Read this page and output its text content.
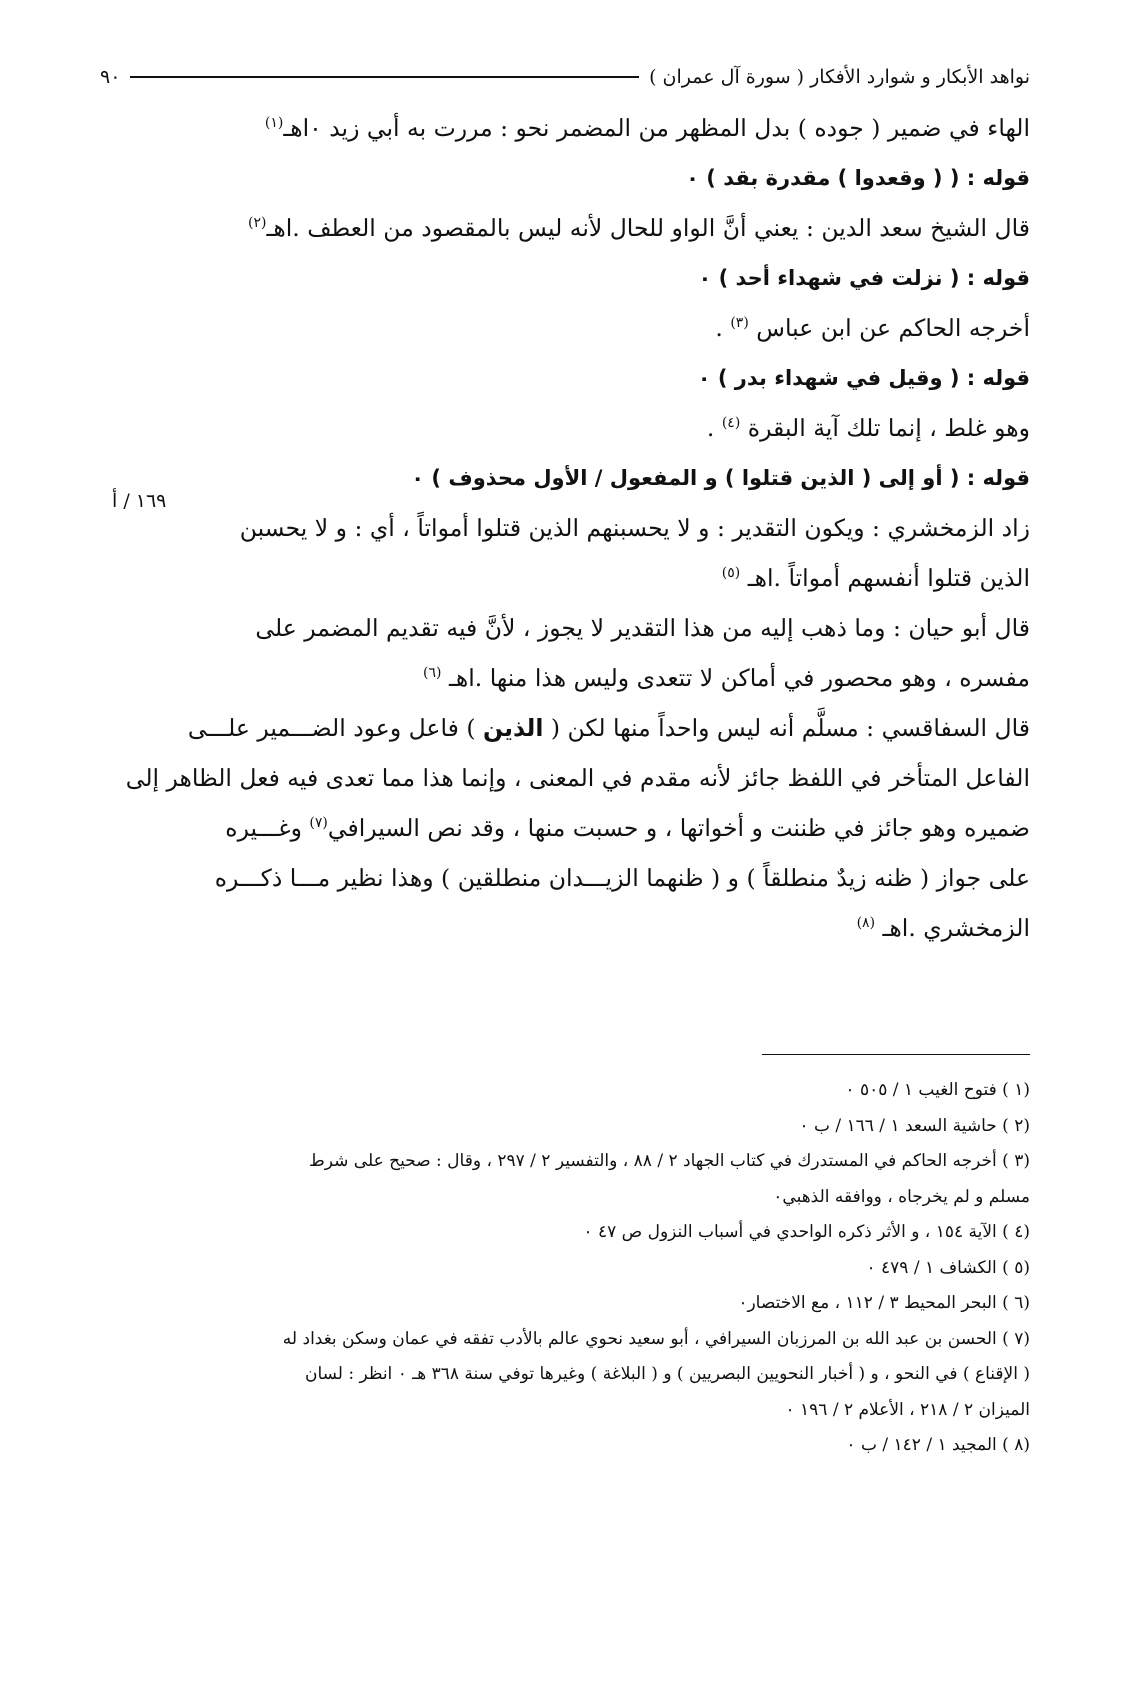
نواهد الأبكار و شوارد الأفكار ( سورة آل عمران )
٩٠
١٦٩ / أ
الهاء في ضمير ( جوده ) بدل المظهر من المضمر نحو : مررت به أبي زيد ٠اهـ$^{(١)}$
قوله : ( ( وقعدوا ) مقدرة بقد ) ٠
قال الشيخ سعد الدين : يعني أنَّ الواو للحال لأنه ليس بالمقصود من العطف .اهـ$^{(٢)}$
قوله : ( نزلت في شهداء أحد ) ٠
أخرجه الحاكم عن ابن عباس $^{(٣)}$ .
قوله : ( وقيل في شهداء بدر ) ٠
وهو غلط ، إنما تلك آية البقرة $^{(٤)}$ .
قوله : ( أو إلى ( الذين قتلوا ) و المفعول / الأول محذوف ) ٠
زاد الزمخشري : ويكون التقدير : و لا يحسبنهم الذين قتلوا أمواتاً ، أي : و لا يحسبن
الذين قتلوا أنفسهم أمواتاً .اهـ $^{(٥)}$
قال أبو حيان : وما ذهب إليه من هذا التقدير لا يجوز ، لأنَّ فيه تقديم المضمر على
مفسره ، وهو محصور في أماكن لا تتعدى وليس هذا منها .اهـ $^{(٦)}$
قال السفاقسي : مسلَّم أنه ليس واحداً منها لكن ( الذين ) فاعل وعود الضـــمير علـــى
الفاعل المتأخر في اللفظ جائز لأنه مقدم في المعنى ، وإنما هذا مما تعدى فيه فعل الظاهر إلى
ضميره وهو جائز في ظننت و أخواتها ، و حسبت منها ، وقد نص السيرافي$^{(٧)}$ وغـــيره
على جواز ( ظنه زيدٌ منطلقاً ) و ( ظنهما الزيـــدان منطلقين ) وهذا نظير مـــا ذكـــره
الزمخشري .اهـ $^{(٨)}$
(١ ) فتوح الغيب ١ / ٥٠٥ ٠
(٢ ) حاشية السعد ١ / ١٦٦ / ب ٠
(٣ ) أخرجه الحاكم في المستدرك في كتاب الجهاد ٢ / ٨٨ ، والتفسير ٢ / ٢٩٧ ، وقال : صحيح على شرط
مسلم و لم يخرجاه ، ووافقه الذهبي٠
(٤ ) الآية ١٥٤ ، و الأثر ذكره الواحدي في أسباب النزول ص ٤٧ ٠
(٥ ) الكشاف ١ / ٤٧٩ ٠
(٦ ) البحر المحيط ٣ / ١١٢ ، مع الاختصار٠
(٧ ) الحسن بن عبد الله بن المرزبان السيرافي ، أبو سعيد نحوي عالم بالأدب تفقه في عمان وسكن بغداد له
( الإقناع ) في النحو ، و ( أخبار النحويين البصريين ) و ( البلاغة ) وغيرها توفي سنة ٣٦٨ هـ ٠ انظر : لسان
الميزان ٢ / ٢١٨ ، الأعلام ٢ / ١٩٦ ٠
(٨ ) المجيد ١ / ١٤٢ / ب ٠
